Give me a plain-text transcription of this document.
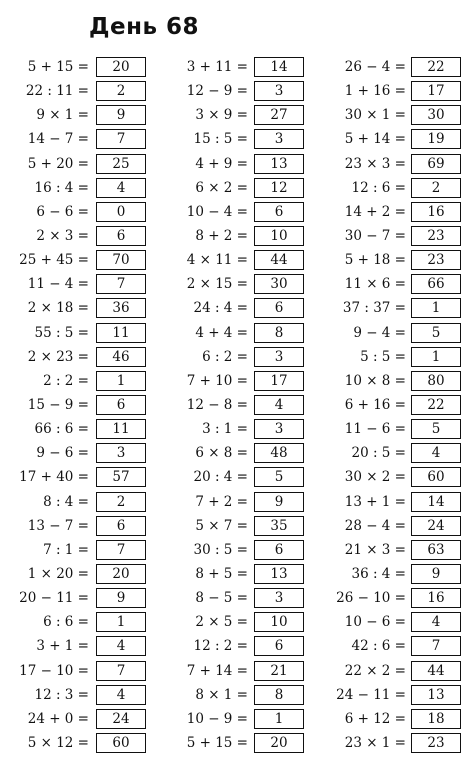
День 68
5 + 15 =	20
22 : 11 =	2
9 × 1 =	9
14 − 7 =	7
5 + 20 =	25
16 : 4 =	4
6 − 6 =	0
2 × 3 =	6
25 + 45 =	70
11 − 4 =	7
2 × 18 =	36
55 : 5 =	11
2 × 23 =	46
2 : 2 =	1
15 − 9 =	6
66 : 6 =	11
9 − 6 =	3
17 + 40 =	57
8 : 4 =	2
13 − 7 =	6
7 : 1 =	7
1 × 20 =	20
20 − 11 =	9
6 : 6 =	1
3 + 1 =	4
17 − 10 =	7
12 : 3 =	4
24 + 0 =	24
5 × 12 =	60
3 + 11 =	14
12 − 9 =	3
3 × 9 =	27
15 : 5 =	3
4 + 9 =	13
6 × 2 =	12
10 − 4 =	6
8 + 2 =	10
4 × 11 =	44
2 × 15 =	30
24 : 4 =	6
4 + 4 =	8
6 : 2 =	3
7 + 10 =	17
12 − 8 =	4
3 : 1 =	3
6 × 8 =	48
20 : 4 =	5
7 + 2 =	9
5 × 7 =	35
30 : 5 =	6
8 + 5 =	13
8 − 5 =	3
2 × 5 =	10
12 : 2 =	6
7 + 14 =	21
8 × 1 =	8
10 − 9 =	1
5 + 15 =	20
26 − 4 =	22
1 + 16 =	17
30 × 1 =	30
5 + 14 =	19
23 × 3 =	69
12 : 6 =	2
14 + 2 =	16
30 − 7 =	23
5 + 18 =	23
11 × 6 =	66
37 : 37 =	1
9 − 4 =	5
5 : 5 =	1
10 × 8 =	80
6 + 16 =	22
11 − 6 =	5
20 : 5 =	4
30 × 2 =	60
13 + 1 =	14
28 − 4 =	24
21 × 3 =	63
36 : 4 =	9
26 − 10 =	16
10 − 6 =	4
42 : 6 =	7
22 × 2 =	44
24 − 11 =	13
6 + 12 =	18
23 × 1 =	23
